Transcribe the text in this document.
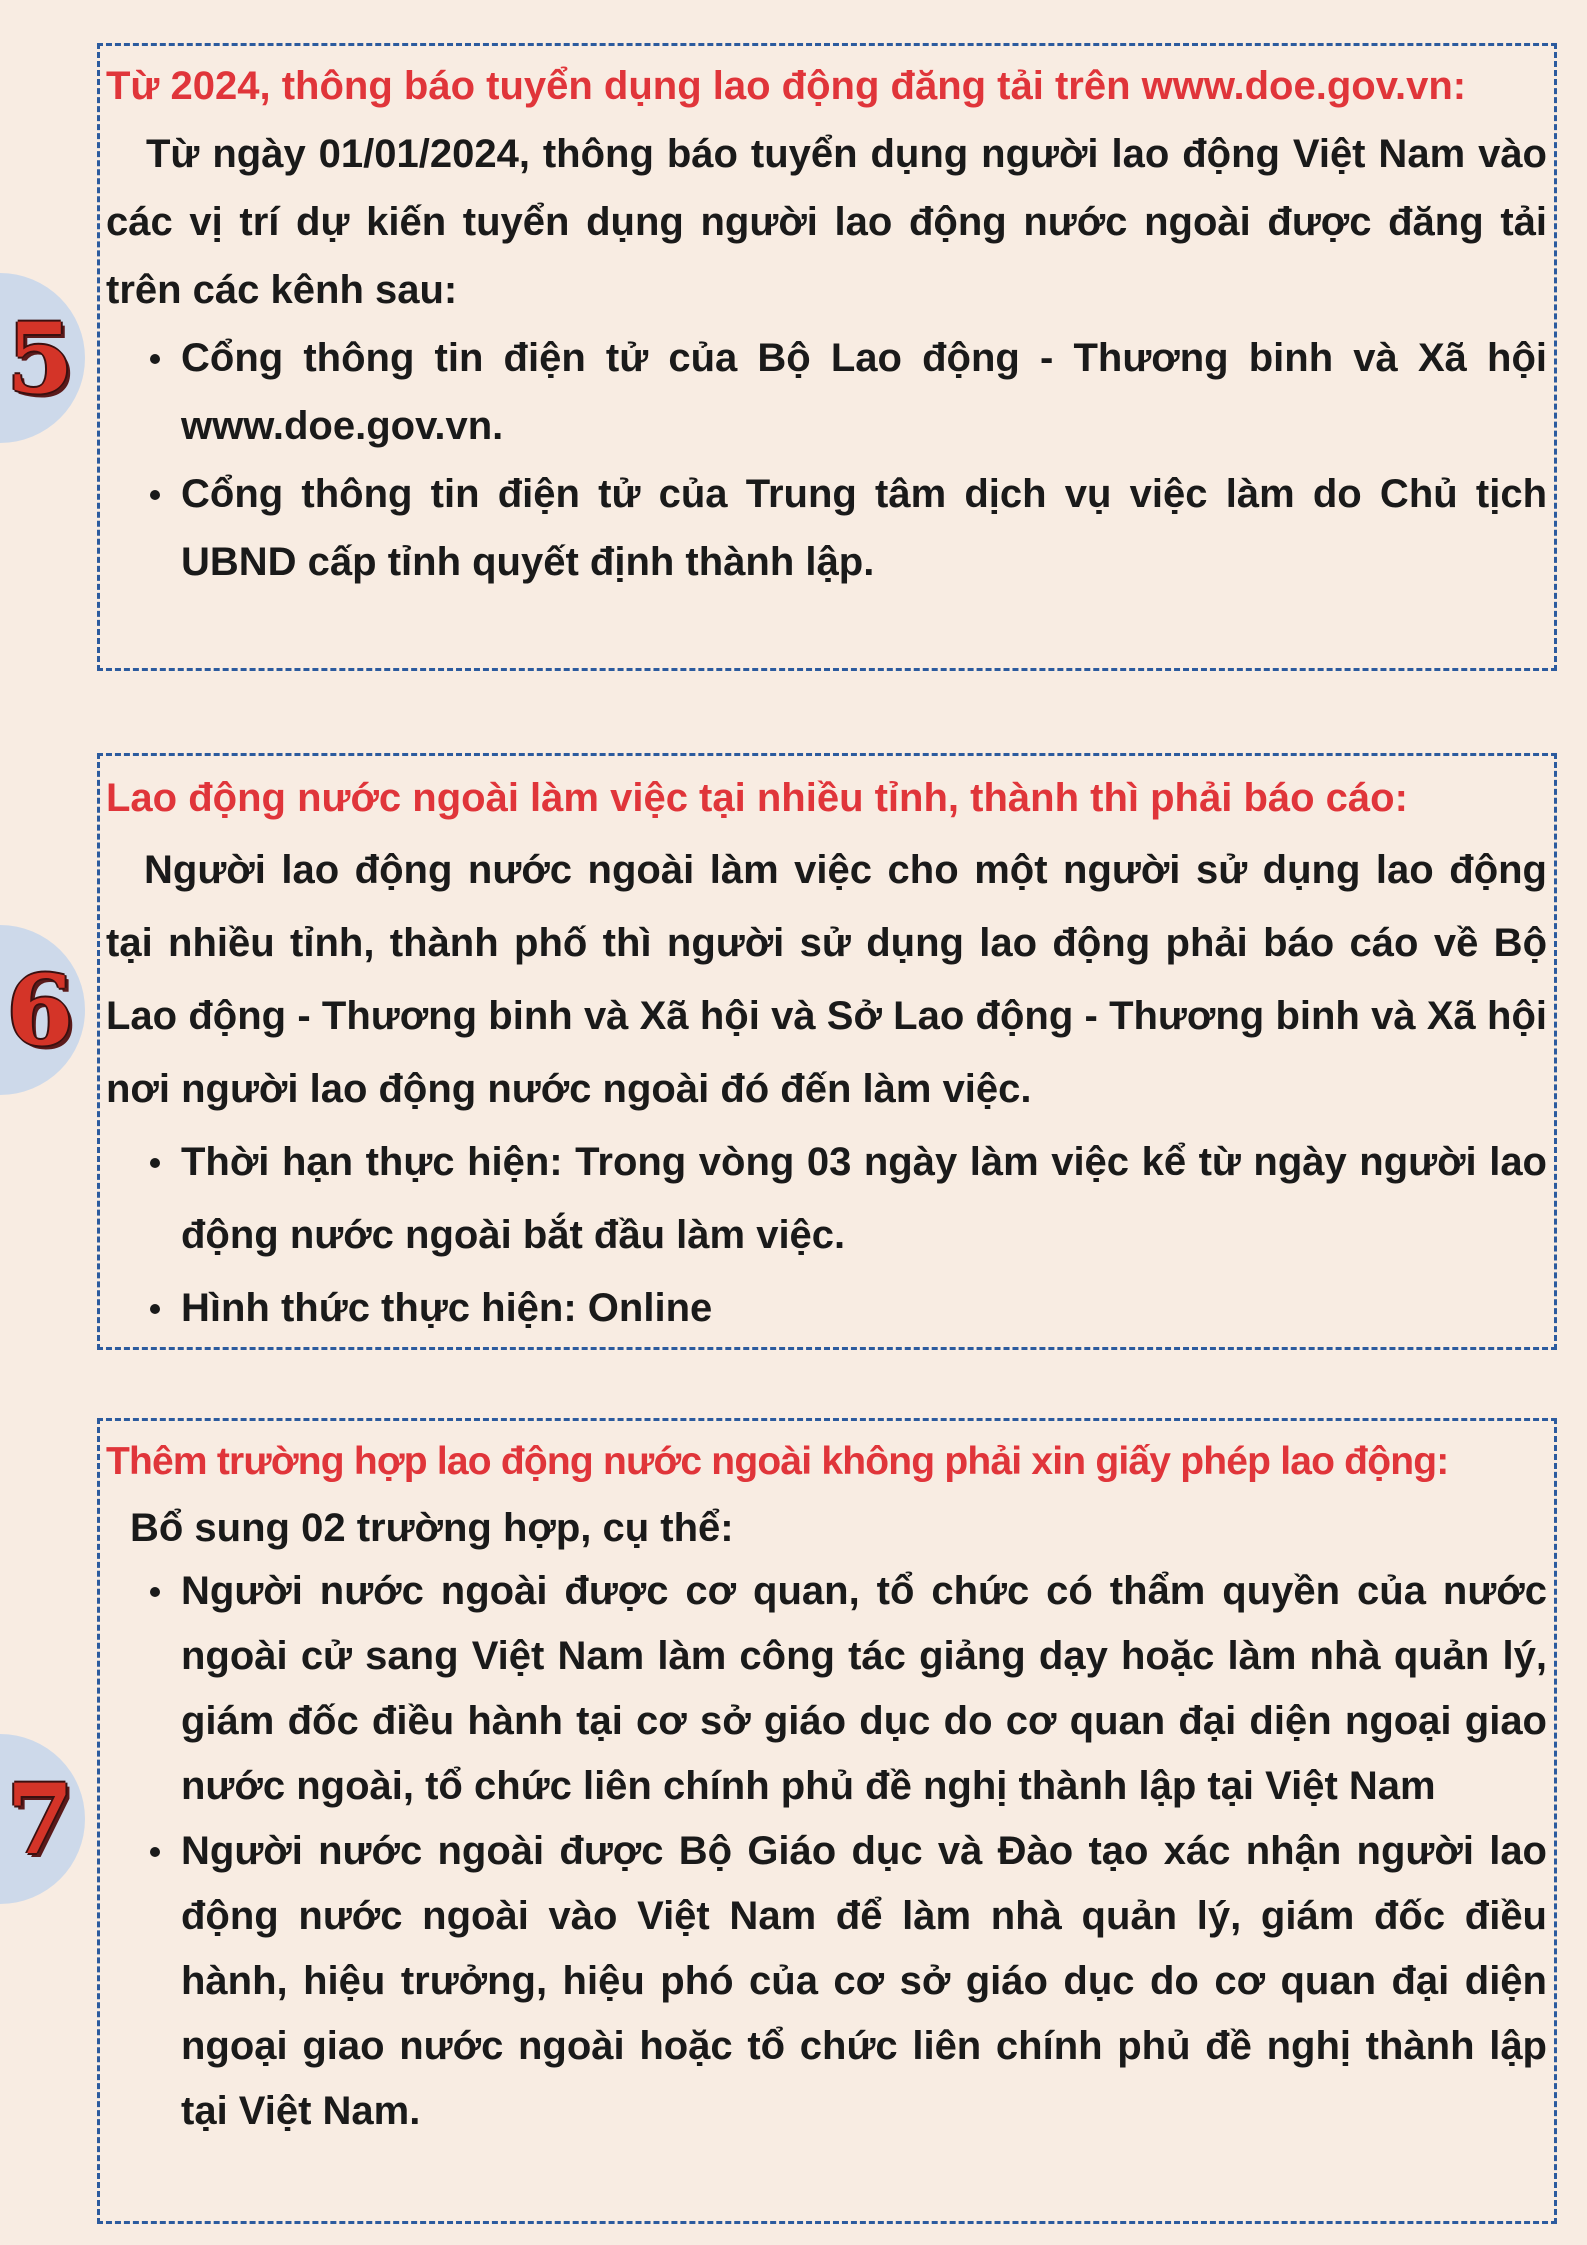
5
6
7
Từ 2024, thông báo tuyển dụng lao động đăng tải trên www.doe.gov.vn:
Từ ngày 01/01/2024, thông báo tuyển dụng người lao động Việt Nam vào các vị trí dự kiến tuyển dụng người lao động nước ngoài được đăng tải trên các kênh sau:
Cổng thông tin điện tử của Bộ Lao động - Thương binh và Xã hội www.doe.gov.vn.
Cổng thông tin điện tử của Trung tâm dịch vụ việc làm do Chủ tịch UBND cấp tỉnh quyết định thành lập.
Lao động nước ngoài làm việc tại nhiều tỉnh, thành thì phải báo cáo:
Người lao động nước ngoài làm việc cho một người sử dụng lao động tại nhiều tỉnh, thành phố thì người sử dụng lao động phải báo cáo về Bộ Lao động - Thương binh và Xã hội và Sở Lao động - Thương binh và Xã hội nơi người lao động nước ngoài đó đến làm việc.
Thời hạn thực hiện: Trong vòng 03 ngày làm việc kể từ ngày người lao động nước ngoài bắt đầu làm việc.
Hình thức thực hiện: Online
Thêm trường hợp lao động nước ngoài không phải xin giấy phép lao động:
Bổ sung 02 trường hợp, cụ thể:
Người nước ngoài được cơ quan, tổ chức có thẩm quyền của nước ngoài cử sang Việt Nam làm công tác giảng dạy hoặc làm nhà quản lý, giám đốc điều hành tại cơ sở giáo dục do cơ quan đại diện ngoại giao nước ngoài, tổ chức liên chính phủ đề nghị thành lập tại Việt Nam
Người nước ngoài được Bộ Giáo dục và Đào tạo xác nhận người lao động nước ngoài vào Việt Nam để làm nhà quản lý, giám đốc điều hành, hiệu trưởng, hiệu phó của cơ sở giáo dục do cơ quan đại diện ngoại giao nước ngoài hoặc tổ chức liên chính phủ đề nghị thành lập tại Việt Nam.
